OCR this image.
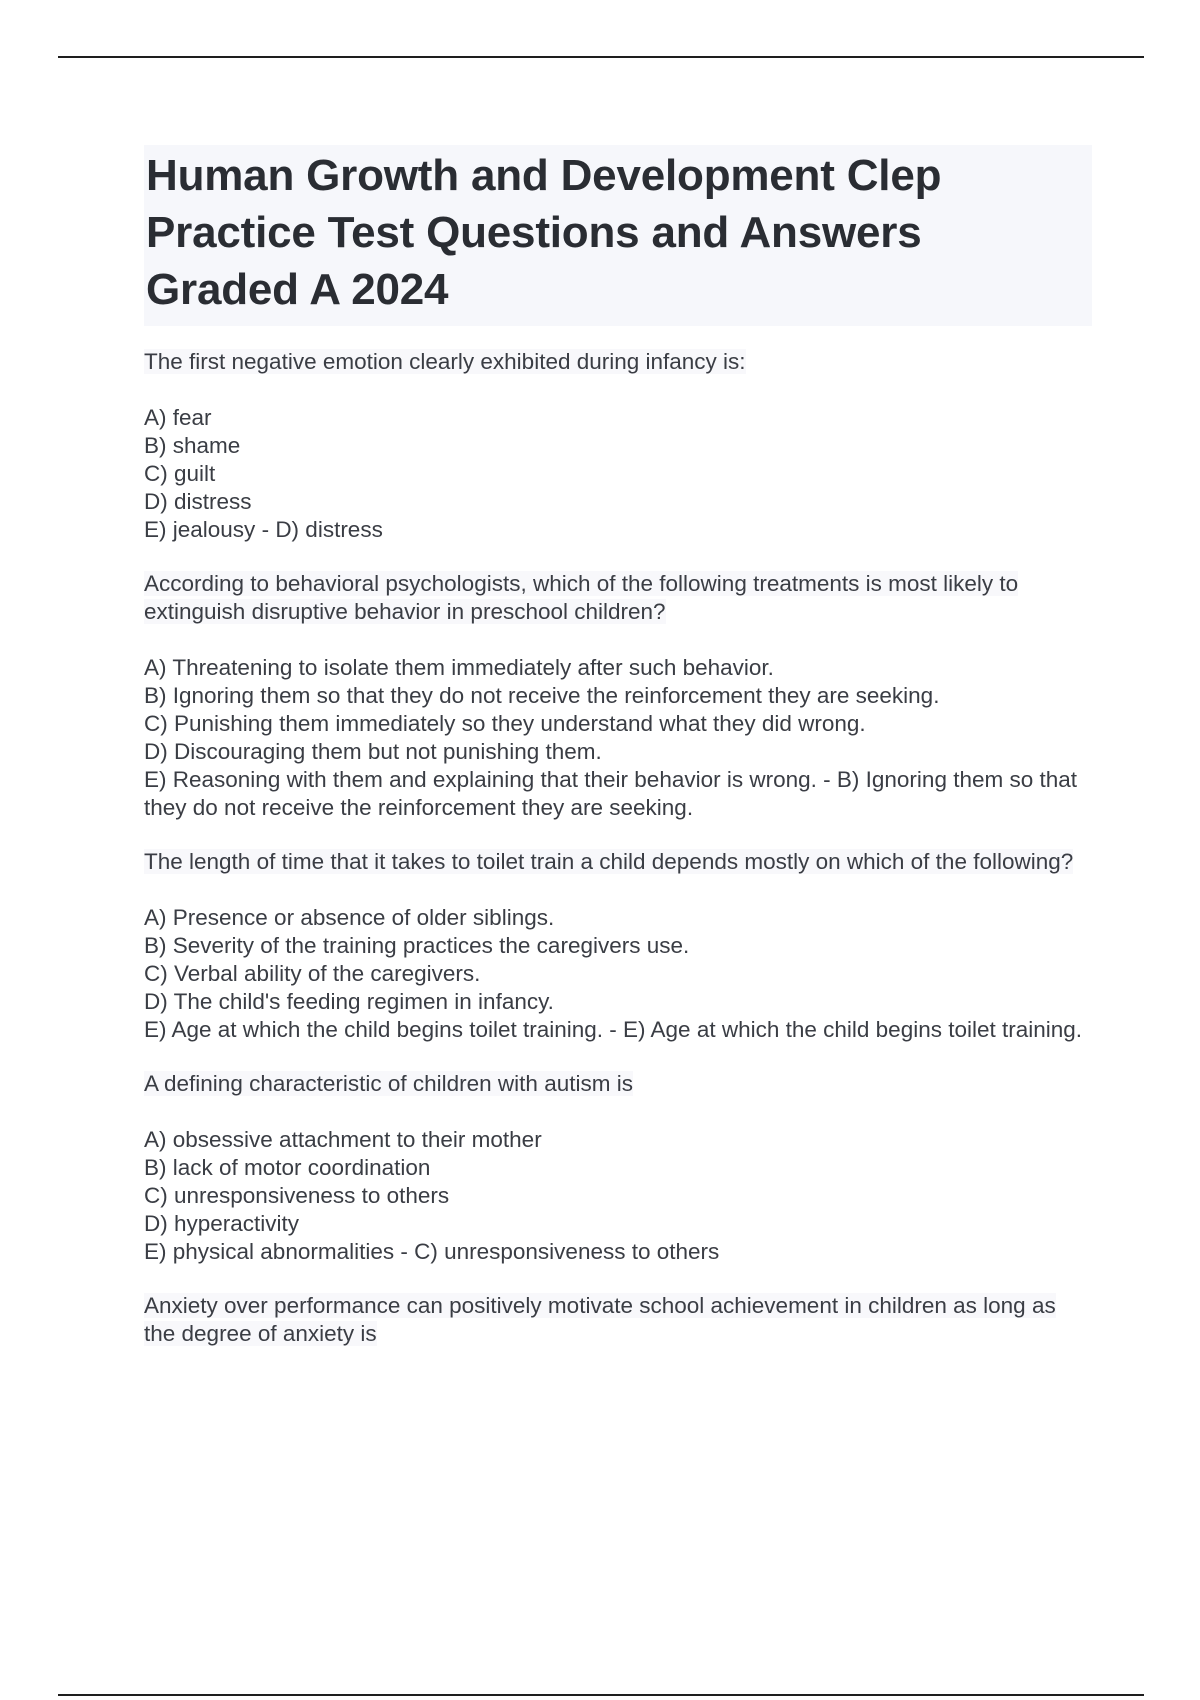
Human Growth and Development Clep Practice Test Questions and Answers Graded A 2024
The first negative emotion clearly exhibited during infancy is:
A) fear
B) shame
C) guilt
D) distress
E) jealousy - D) distress
According to behavioral psychologists, which of the following treatments is most likely to extinguish disruptive behavior in preschool children?
A) Threatening to isolate them immediately after such behavior.
B) Ignoring them so that they do not receive the reinforcement they are seeking.
C) Punishing them immediately so they understand what they did wrong.
D) Discouraging them but not punishing them.
E) Reasoning with them and explaining that their behavior is wrong. - B) Ignoring them so that they do not receive the reinforcement they are seeking.
The length of time that it takes to toilet train a child depends mostly on which of the following?
A) Presence or absence of older siblings.
B) Severity of the training practices the caregivers use.
C) Verbal ability of the caregivers.
D) The child's feeding regimen in infancy.
E) Age at which the child begins toilet training. - E) Age at which the child begins toilet training.
A defining characteristic of children with autism is
A) obsessive attachment to their mother
B) lack of motor coordination
C) unresponsiveness to others
D) hyperactivity
E) physical abnormalities - C) unresponsiveness to others
Anxiety over performance can positively motivate school achievement in children as long as the degree of anxiety is
